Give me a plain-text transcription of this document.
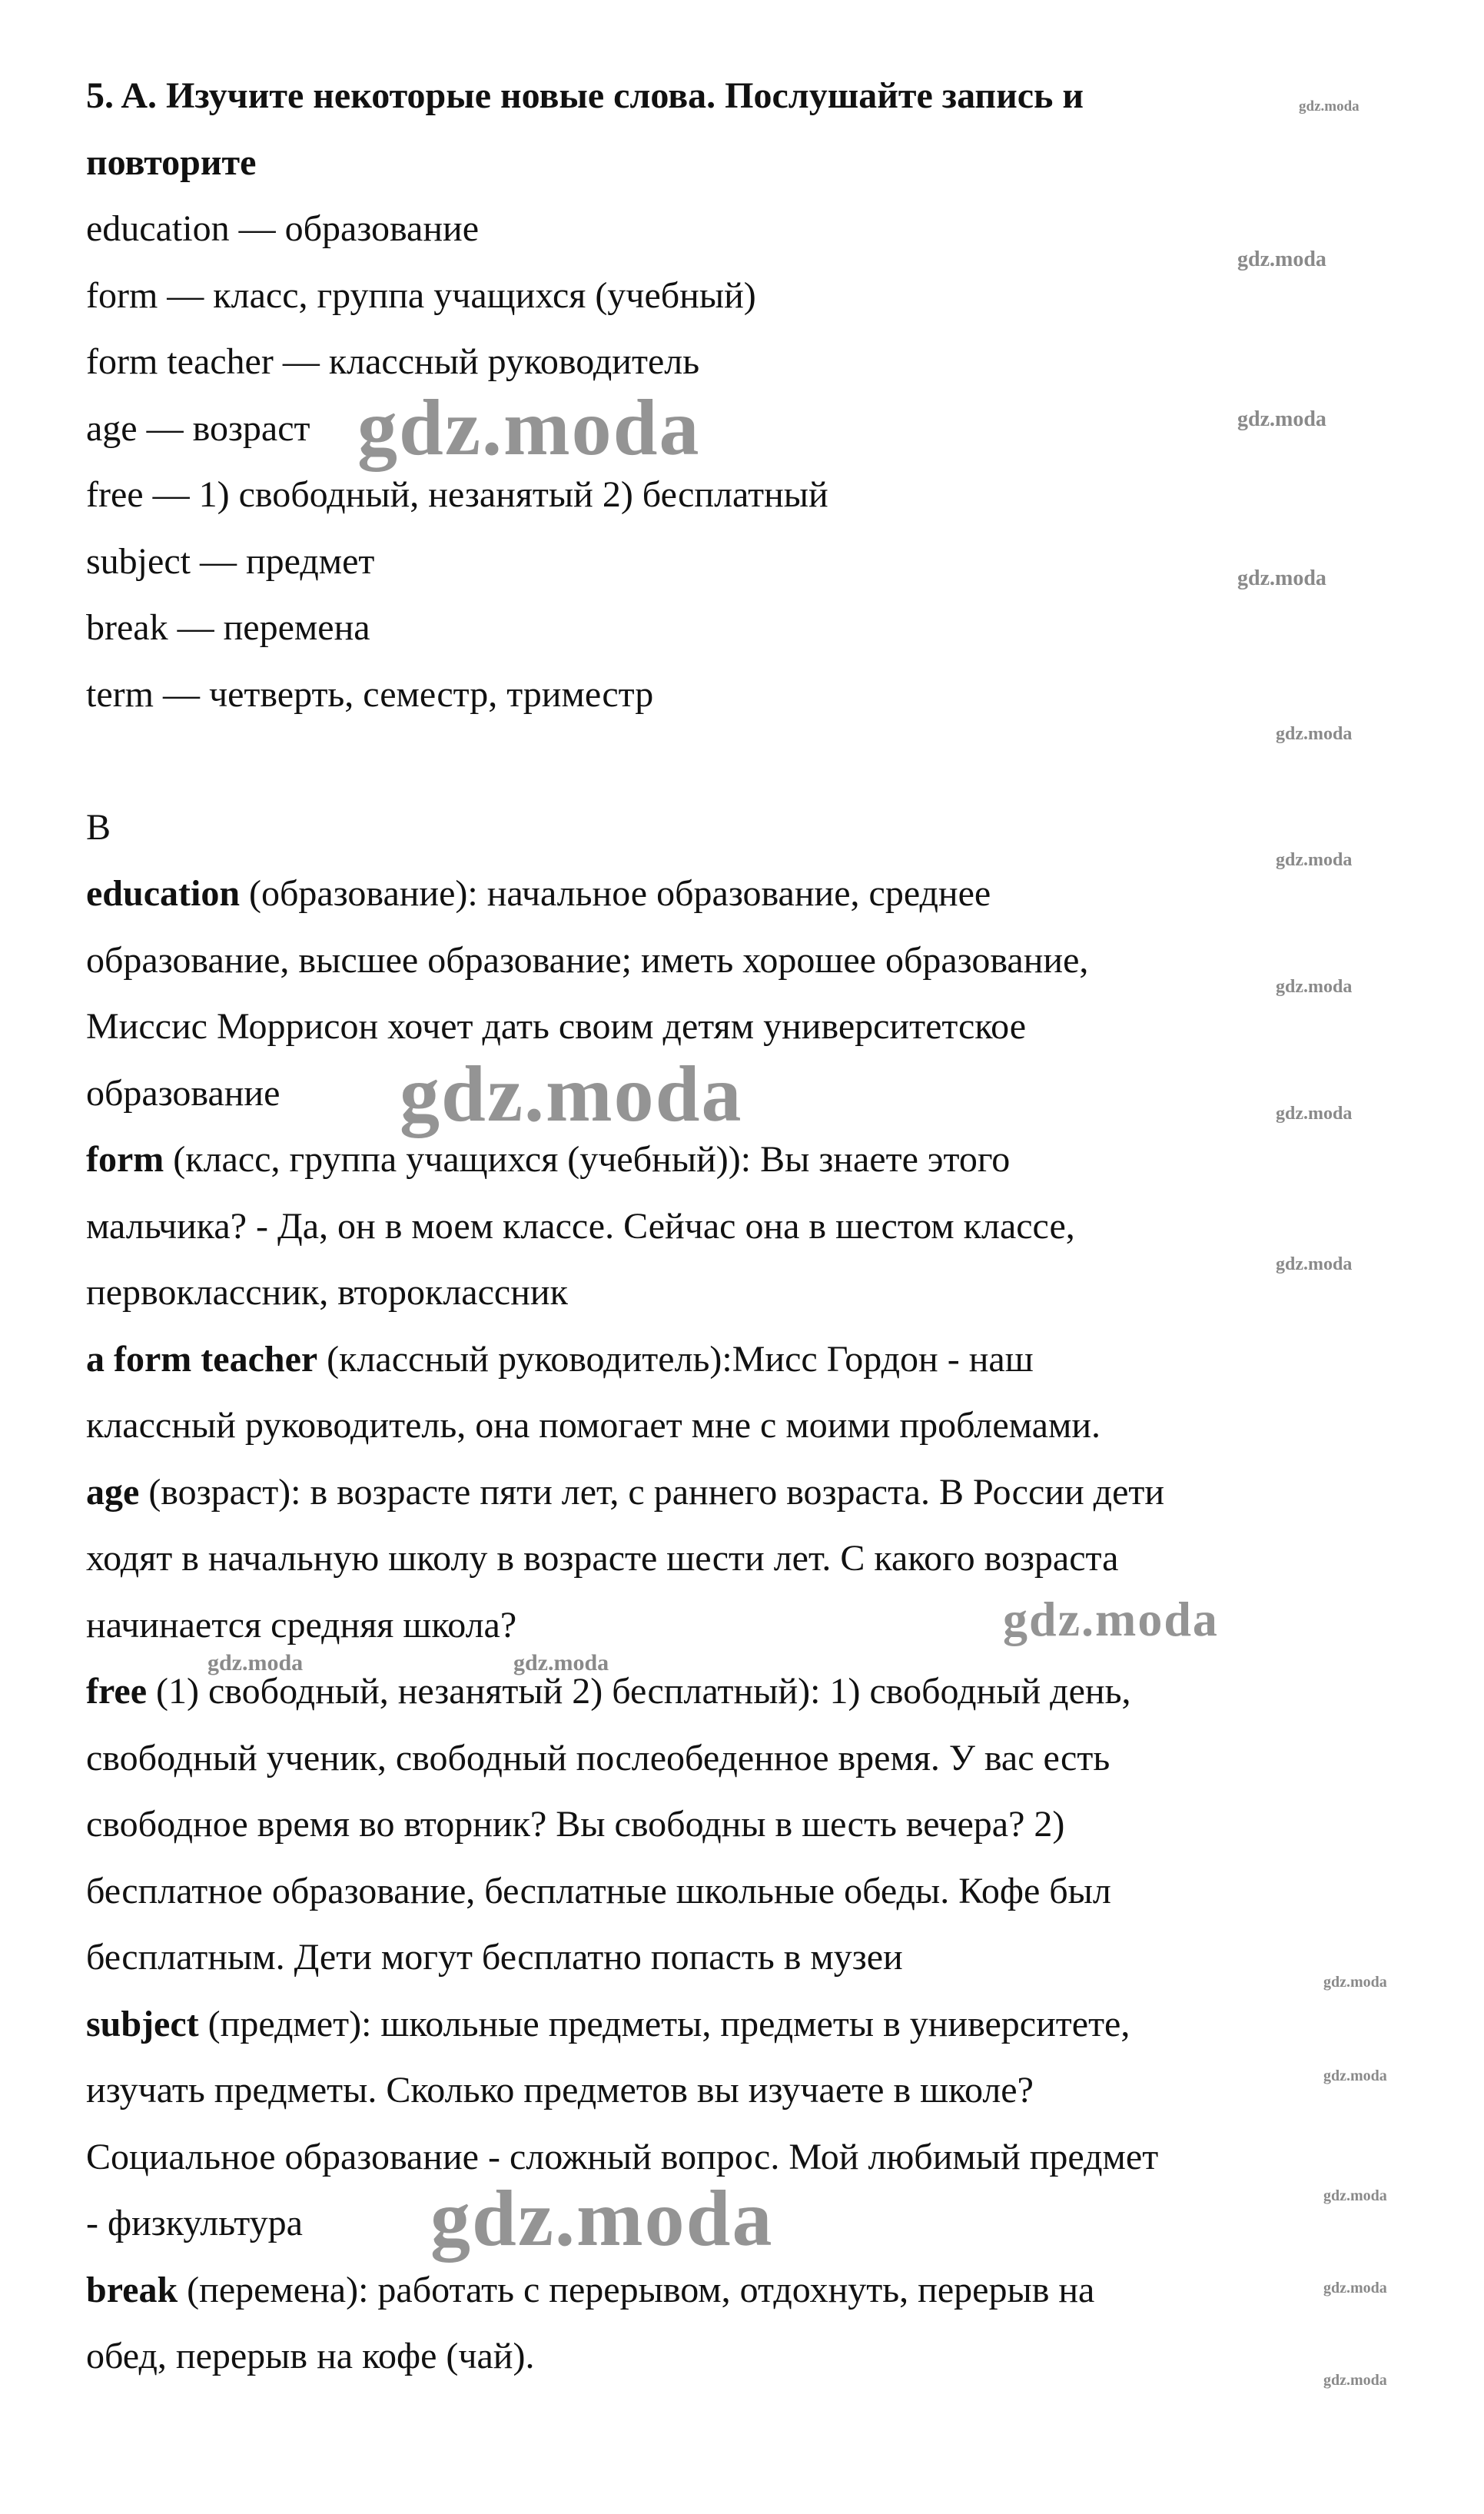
5. A. Изучите некоторые новые слова. Послушайте запись и

повторите

education — образование

form — класс, группа учащихся (учебный)

form teacher — классный руководитель

age — возраст

free — 1) свободный, незанятый 2) бесплатный

subject — предмет

break — перемена

term — четверть, семестр, триместр

B

education (образование): начальное образование, среднее

образование, высшее образование; иметь хорошее образование,

Миссис Моррисон хочет дать своим детям университетское

образование

form (класс, группа учащихся (учебный)): Вы знаете этого

мальчика? - Да, он в моем классе. Сейчас она в шестом классе,

первоклассник, второклассник

a form teacher (классный руководитель):Мисс Гордон - наш

классный руководитель, она помогает мне с моими проблемами.

age (возраст): в возрасте пяти лет, с раннего возраста. В России дети

ходят в начальную школу в возрасте шести лет. С какого возраста

начинается средняя школа?

free (1) свободный, незанятый 2) бесплатный): 1) свободный день,

свободный ученик, свободный послеобеденное время. У вас есть

свободное время во вторник? Вы свободны в шесть вечера? 2)

бесплатное образование, бесплатные школьные обеды. Кофе был

бесплатным. Дети могут бесплатно попасть в музеи

subject (предмет): школьные предметы, предметы в университете,

изучать предметы. Сколько предметов вы изучаете в школе?

Социальное образование - сложный вопрос. Мой любимый предмет

- физкультура

break (перемена): работать с перерывом, отдохнуть, перерыв на

обед, перерыв на кофе (чай).

gdz.moda
gdz.moda
gdz.moda
gdz.moda
gdz.moda
gdz.moda
gdz.moda
gdz.moda
gdz.moda
gdz.moda	gdz.moda
gdz.moda
gdz.moda
gdz.moda
gdz.moda
gdz.moda
gdz.moda
gdz.moda
gdz.moda
gdz.moda
